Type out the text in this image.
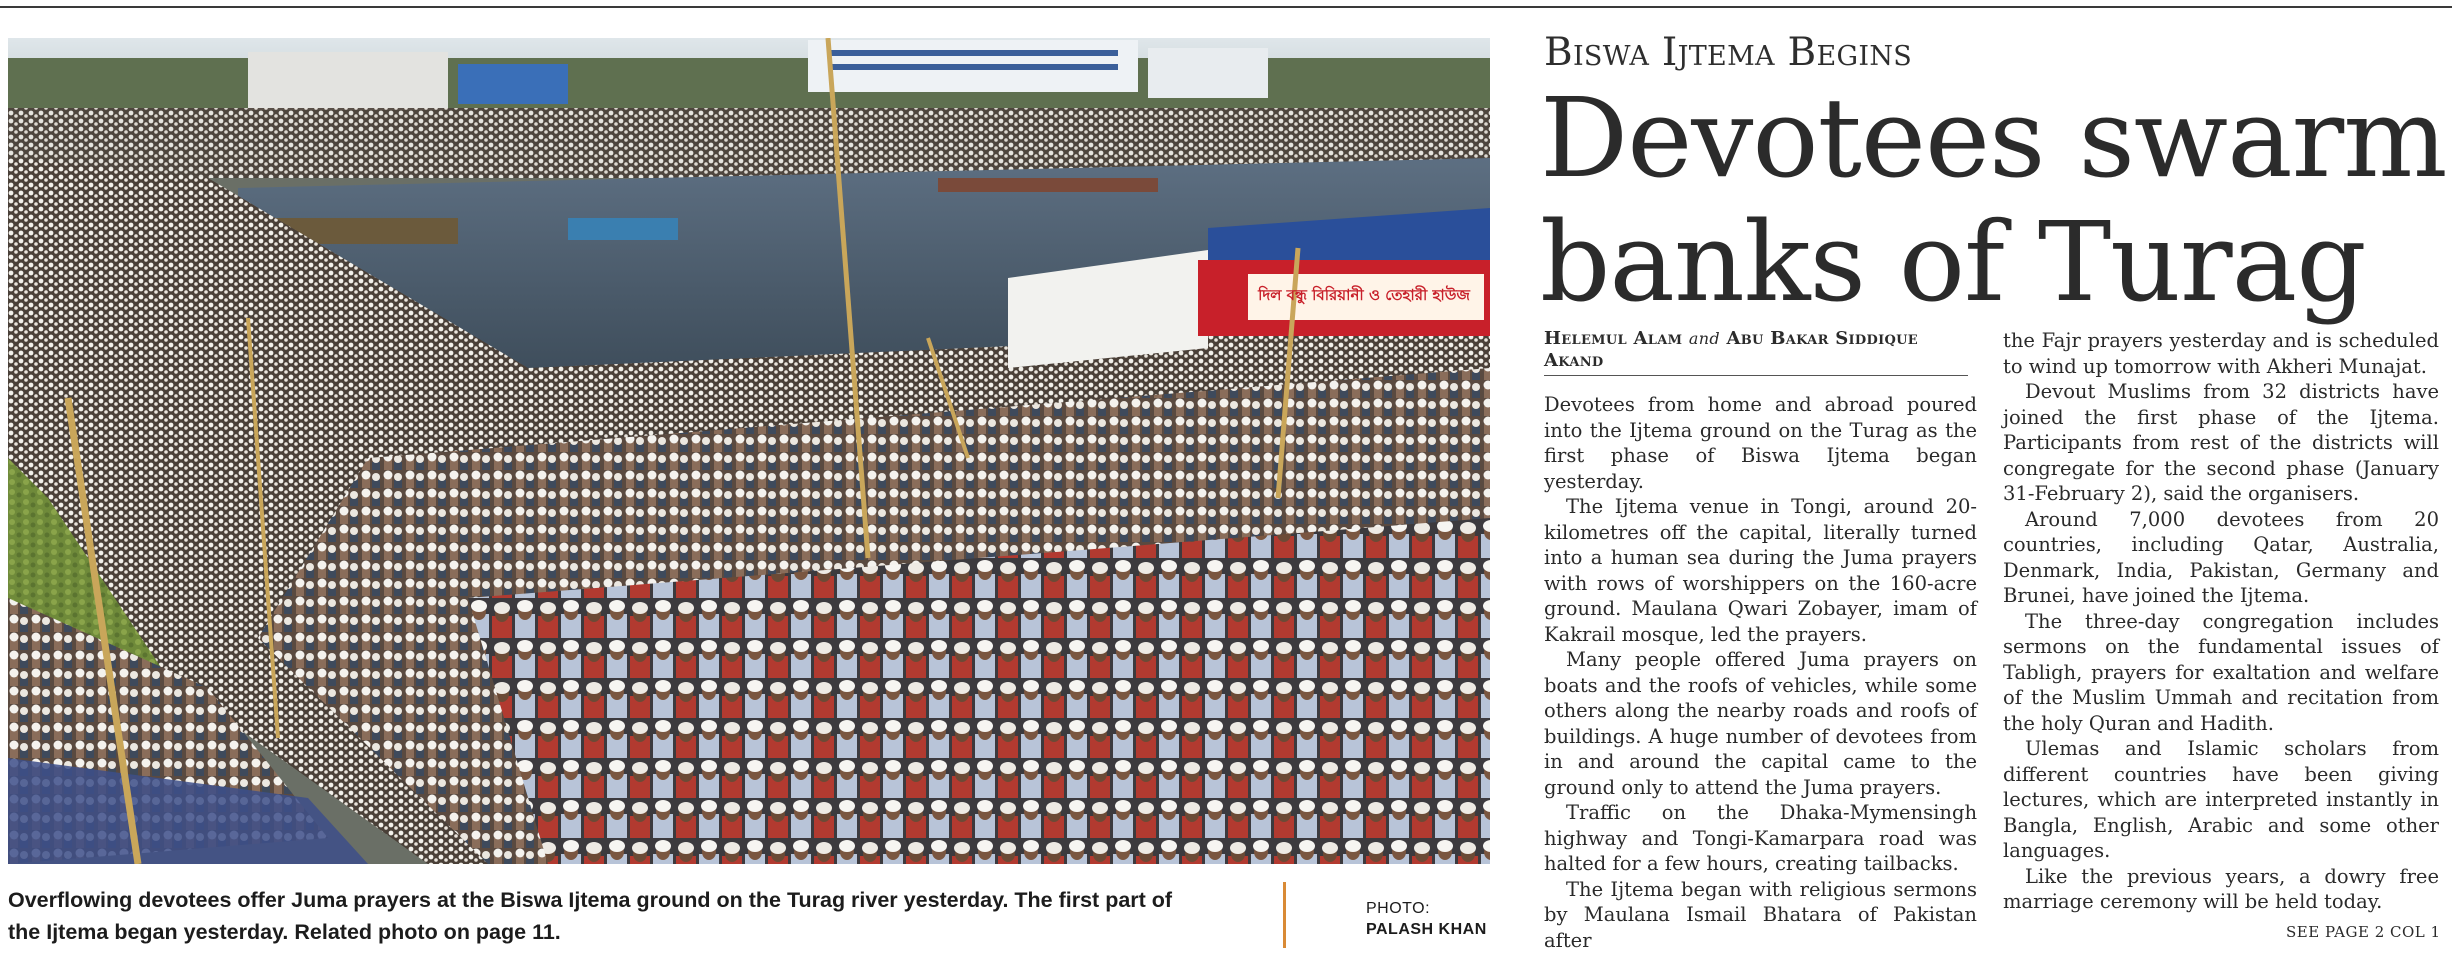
দিল বন্ধু বিরিয়ানী ও তেহারী হাউজ
Overflowing devotees offer Juma prayers at the Biswa Ijtema ground on the Turag river yesterday. The first part of
the Ijtema began yesterday. Related photo on page 11.
PHOTO:
PALASH KHAN
Biswa Ijtema Begins
Devotees swarm
banks of Turag
Helemul Alam and Abu Bakar Siddique Akand

Devotees from home and abroad poured into the Ijtema ground on the Turag as the first phase of Biswa Ijtema began yesterday.

The Ijtema venue in Tongi, around 20-kilometres off the capital, literally turned into a human sea during the Juma prayers with rows of worshippers on the 160-acre ground. Maulana Qwari Zobayer, imam of Kakrail mosque, led the prayers.

Many people offered Juma prayers on boats and the roofs of vehicles, while some others along the nearby roads and roofs of buildings. A huge number of devotees from in and around the capital came to the ground only to attend the Juma prayers.

Traffic on the Dhaka-Mymensingh highway and Tongi-Kamarpara road was halted for a few hours, creating tailbacks.

The Ijtema began with religious sermons by Maulana Ismail Bhatara of Pakistan after

the Fajr prayers yesterday and is scheduled to wind up tomorrow with Akheri Munajat.

Devout Muslims from 32 districts have joined the first phase of the Ijtema. Participants from rest of the districts will congregate for the second phase (January 31-February 2), said the organisers.

Around 7,000 devotees from 20 countries, including Qatar, Australia, Denmark, India, Pakistan, Germany and Brunei, have joined the Ijtema.

The three-day congregation includes sermons on the fundamental issues of Tabligh, prayers for exaltation and welfare of the Muslim Ummah and recitation from the holy Quran and Hadith.

Ulemas and Islamic scholars from different countries have been giving lectures, which are interpreted instantly in Bangla, English, Arabic and some other languages.

Like the previous years, a dowry free marriage ceremony will be held today.

SEE PAGE 2 COL 1
